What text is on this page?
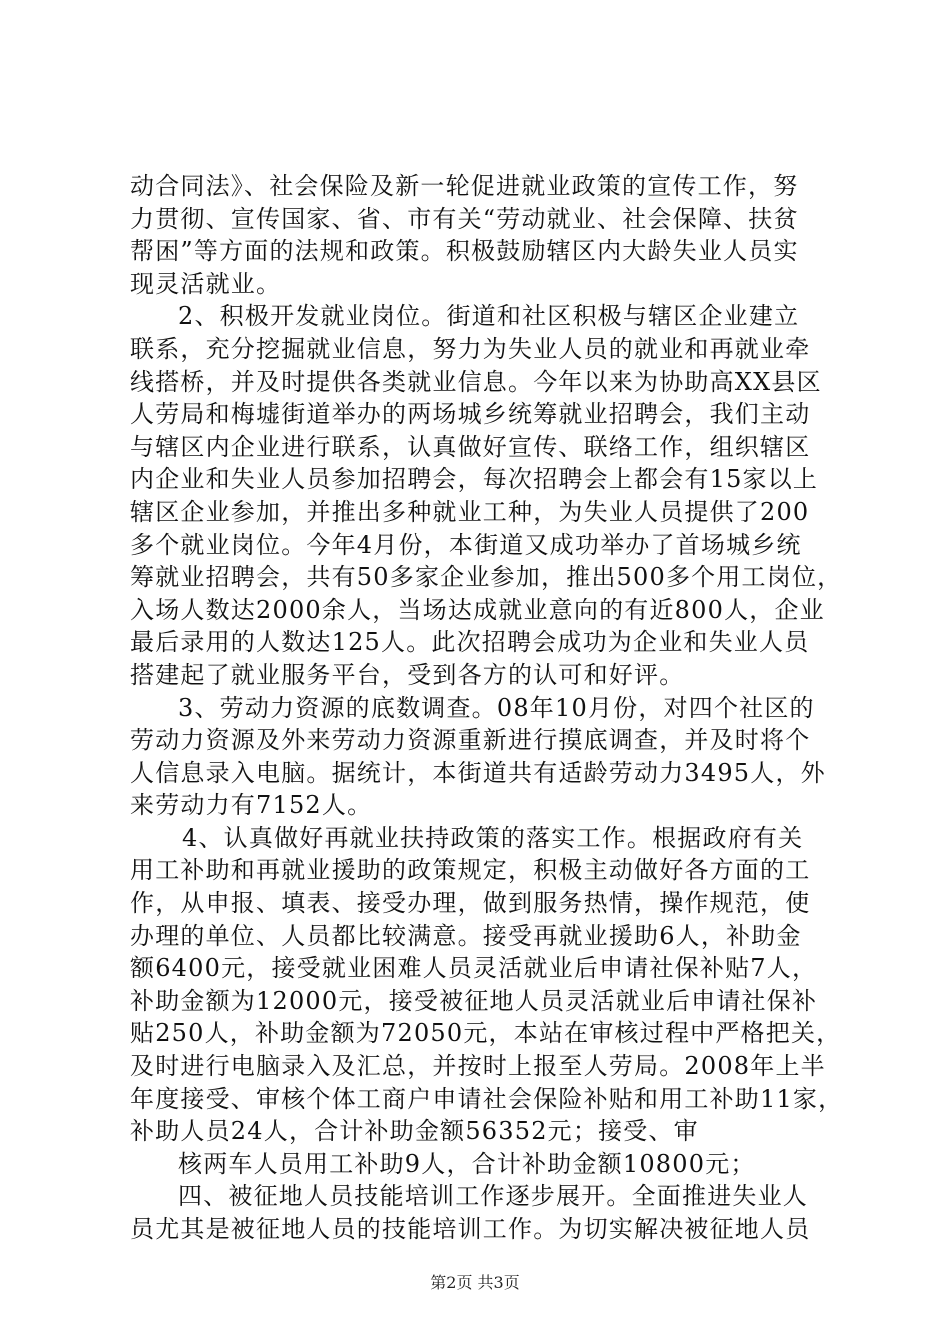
动合同法》、社会保险及新一轮促进就业政策的宣传工作，努
力贯彻、宣传国家、省、市有关“劳动就业、社会保障、扶贫
帮困”等方面的法规和政策。积极鼓励辖区内大龄失业人员实
现灵活就业。
2、积极开发就业岗位。街道和社区积极与辖区企业建立
联系，充分挖掘就业信息，努力为失业人员的就业和再就业牵
线搭桥，并及时提供各类就业信息。今年以来为协助高XX县区
人劳局和梅墟街道举办的两场城乡统筹就业招聘会，我们主动
与辖区内企业进行联系，认真做好宣传、联络工作，组织辖区
内企业和失业人员参加招聘会，每次招聘会上都会有15家以上
辖区企业参加，并推出多种就业工种，为失业人员提供了200
多个就业岗位。今年4月份，本街道又成功举办了首场城乡统
筹就业招聘会，共有50多家企业参加，推出500多个用工岗位，
入场人数达2000余人，当场达成就业意向的有近800人，企业
最后录用的人数达125人。此次招聘会成功为企业和失业人员
搭建起了就业服务平台，受到各方的认可和好评。
3、劳动力资源的底数调查。08年10月份，对四个社区的
劳动力资源及外来劳动力资源重新进行摸底调查，并及时将个
人信息录入电脑。据统计，本街道共有适龄劳动力3495人，外
来劳动力有7152人。
4、认真做好再就业扶持政策的落实工作。根据政府有关
用工补助和再就业援助的政策规定，积极主动做好各方面的工
作，从申报、填表、接受办理，做到服务热情，操作规范，使
办理的单位、人员都比较满意。接受再就业援助6人，补助金
额6400元，接受就业困难人员灵活就业后申请社保补贴7人，
补助金额为12000元，接受被征地人员灵活就业后申请社保补
贴250人，补助金额为72050元，本站在审核过程中严格把关，
及时进行电脑录入及汇总，并按时上报至人劳局。2008年上半
年度接受、审核个体工商户申请社会保险补贴和用工补助11家，
补助人员24人，合计补助金额56352元；接受、审
核两车人员用工补助9人，合计补助金额10800元；
四、被征地人员技能培训工作逐步展开。全面推进失业人
员尤其是被征地人员的技能培训工作。为切实解决被征地人员
第2页 共3页
